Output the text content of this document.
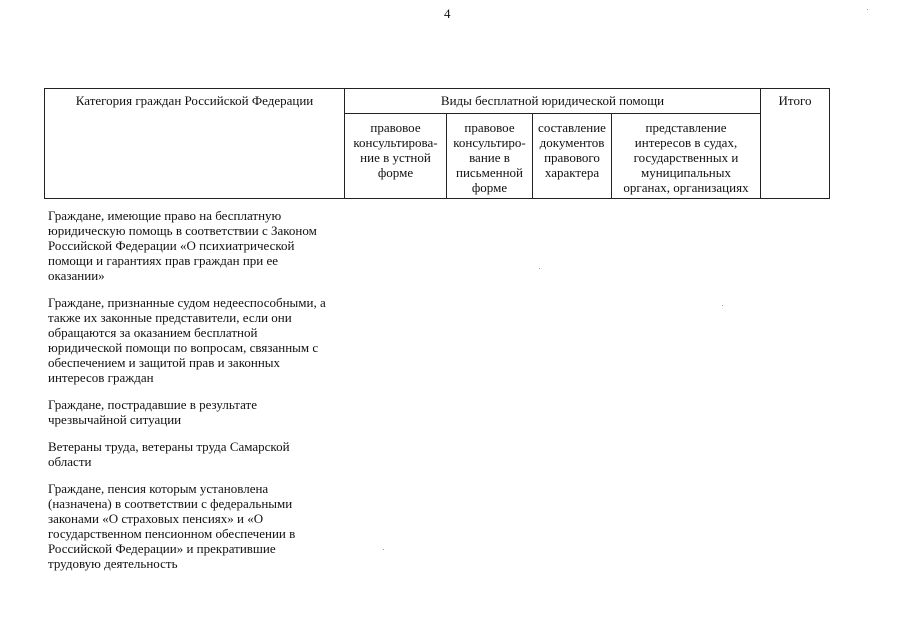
4
Категория граждан Российской Федерации	Виды бесплатной юридической помощи	Итого
правовое
консультирова-
ние в устной
форме
правовое
консультиро-
вание в
письменной
форме
составление
документов
правового
характера
представление
интересов в судах,
государственных и
муниципальных
органах, организациях
Граждане, имеющие право на бесплатную
юридическую помощь в соответствии с Законом
Российской Федерации «О психиатрической
помощи и гарантиях прав граждан при ее
оказании»
Граждане, признанные судом недееспособными, а
также их законные представители, если они
обращаются за оказанием бесплатной
юридической помощи по вопросам, связанным с
обеспечением и защитой прав и законных
интересов граждан
Граждане, пострадавшие в результате
чрезвычайной ситуации
Ветераны труда, ветераны труда Самарской
области
Граждане, пенсия которым установлена
(назначена) в соответствии с федеральными
законами «О страховых пенсиях» и «О
государственном пенсионном обеспечении в
Российской Федерации» и прекратившие
трудовую деятельность
